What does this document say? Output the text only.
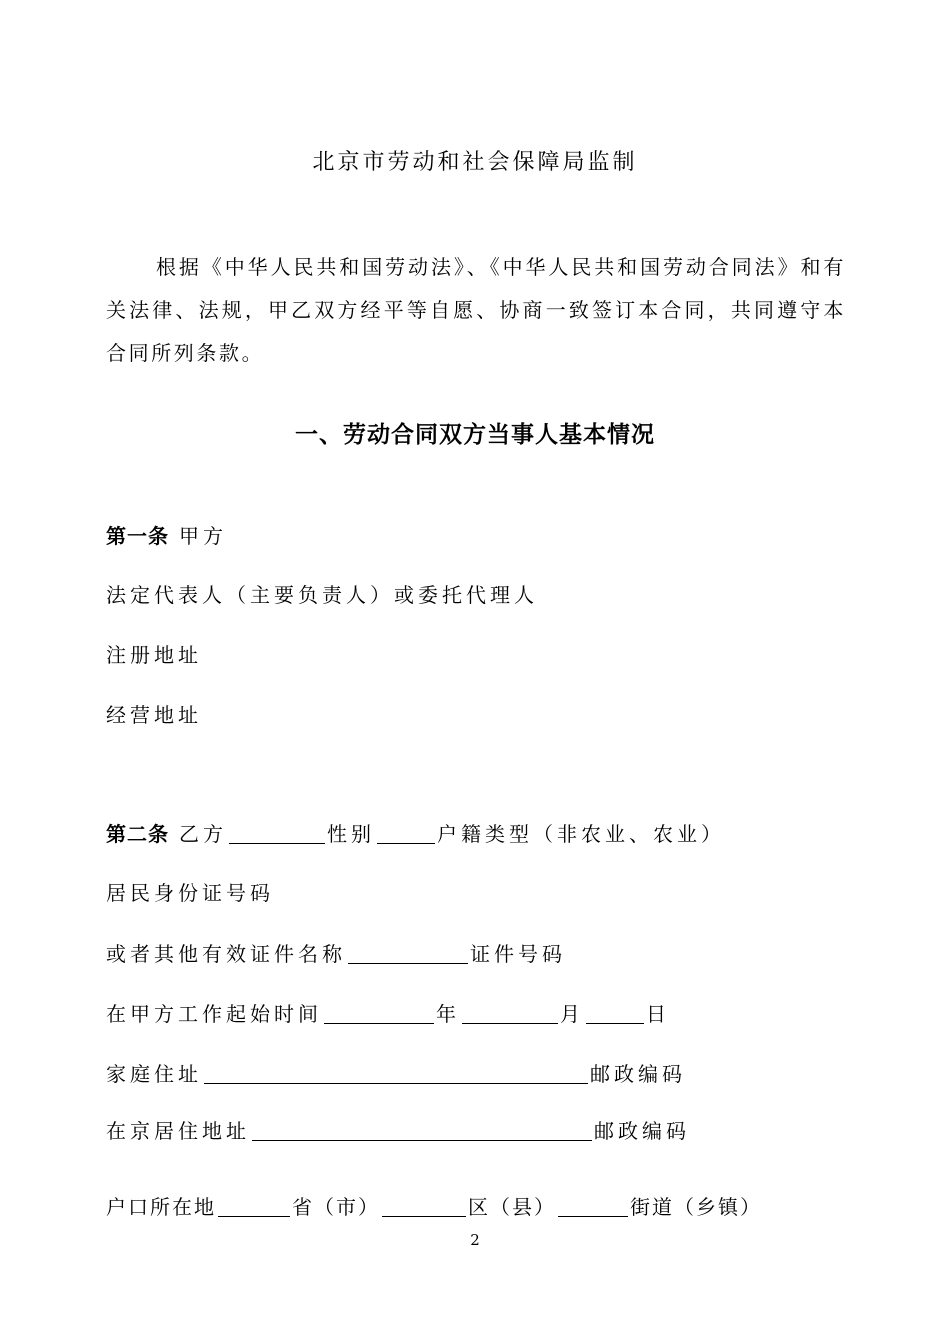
北京市劳动和社会保障局监制
根据《中华人民共和国劳动法》、《中华人民共和国劳动合同法》和有关法律、法规，甲乙双方经平等自愿、协商一致签订本合同，共同遵守本合同所列条款。
一、劳动合同双方当事人基本情况
第一条 甲方
法定代表人（主要负责人）或委托代理人
注册地址
经营地址
第二条 乙方	性别	户籍类型（非农业、农业）
居民身份证号码
或者其他有效证件名称	证件号码
在甲方工作起始时间	年	月	日
家庭住址	邮政编码
在京居住地址	邮政编码
户口所在地	省（市）	区（县）	街道（乡镇）
2
